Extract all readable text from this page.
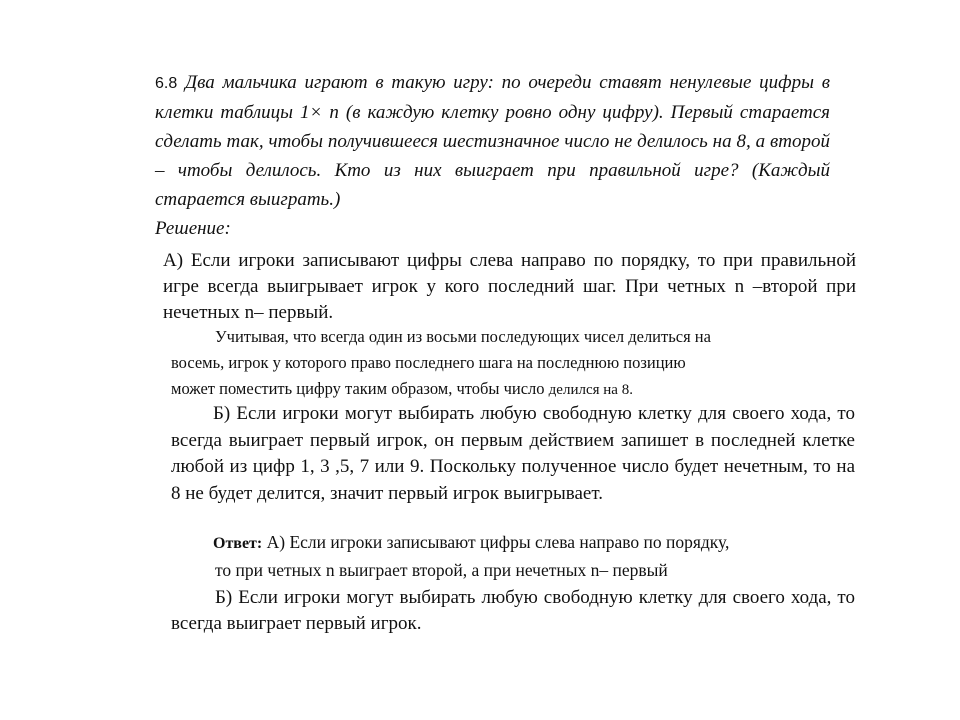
6.8 Два мальчика играют в такую игру: по очереди ставят ненулевые цифры в клетки таблицы 1× n (в каждую клетку ровно одну цифру). Первый старается сделать так, чтобы получившееся шестизначное число не делилось на 8, а второй – чтобы делилось. Кто из них выиграет при правильной игре? (Каждый старается выиграть.)
Решение:
А) Если игроки записывают цифры слева направо по порядку, то при правильной игре всегда выигрывает игрок у кого последний шаг. При четных n –второй при нечетных n– первый.
Учитывая, что всегда один из восьми последующих чисел делиться на
восемь, игрок у которого право последнего шага на последнюю позицию
может поместить цифру таким образом, чтобы число делился на 8.
Б) Если игроки могут выбирать любую свободную клетку для своего хода, то всегда выиграет первый игрок, он первым действием запишет в последней клетке любой из цифр 1, 3 ,5, 7 или 9. Поскольку полученное число будет нечетным, то на 8 не будет делится, значит первый игрок выигрывает.
Ответ: А) Если игроки записывают цифры слева направо по порядку,
то при четных n выиграет второй, а при нечетных n– первый
Б) Если игроки могут выбирать любую свободную клетку для своего хода, то всегда выиграет первый игрок.
